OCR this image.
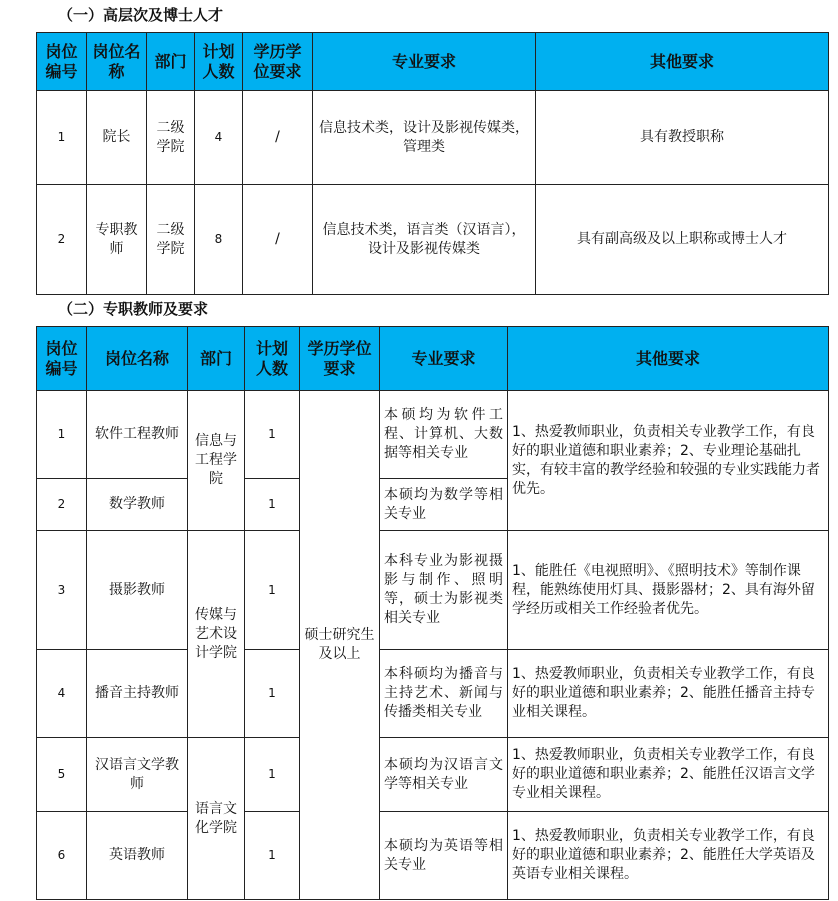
（一）高层次及博士人才
岗位编号	岗位名称	部门	计划人数	学历学位要求	专业要求	其他要求
1	院长	二级学院	4	/	信息技术类，设计及影视传媒类，管理类	具有教授职称
2	专职教师	二级学院	8	/	信息技术类，语言类（汉语言），设计及影视传媒类	具有副高级及以上职称或博士人才
（二）专职教师及要求
岗位编号	岗位名称	部门	计划人数	学历学位要求	专业要求	其他要求
1	软件工程教师	信息与工程学院	1	硕士研究生及以上	本硕均为软件工程、计算机、大数据等相关专业	1、热爱教师职业，负责相关专业教学工作，有良好的职业道德和职业素养；2、专业理论基础扎实，有较丰富的教学经验和较强的专业实践能力者优先。
2	数学教师		1		本硕均为数学等相关专业	
3	摄影教师	传媒与艺术设计学院	1		本科专业为影视摄影与制作、照明等，硕士为影视类相关专业	1、能胜任《电视照明》、《照明技术》等制作课程，能熟练使用灯具、摄影器材；2、具有海外留学经历或相关工作经验者优先。
4	播音主持教师		1		本科硕均为播音与主持艺术、新闻与传播类相关专业	1、热爱教师职业，负责相关专业教学工作，有良好的职业道德和职业素养；2、能胜任播音主持专业相关课程。
5	汉语言文学教师	语言文化学院	1		本硕均为汉语言文学等相关专业	1、热爱教师职业，负责相关专业教学工作，有良好的职业道德和职业素养；2、能胜任汉语言文学专业相关课程。
6	英语教师		1		本硕均为英语等相关专业	1、热爱教师职业，负责相关专业教学工作，有良好的职业道德和职业素养；2、能胜任大学英语及英语专业相关课程。
